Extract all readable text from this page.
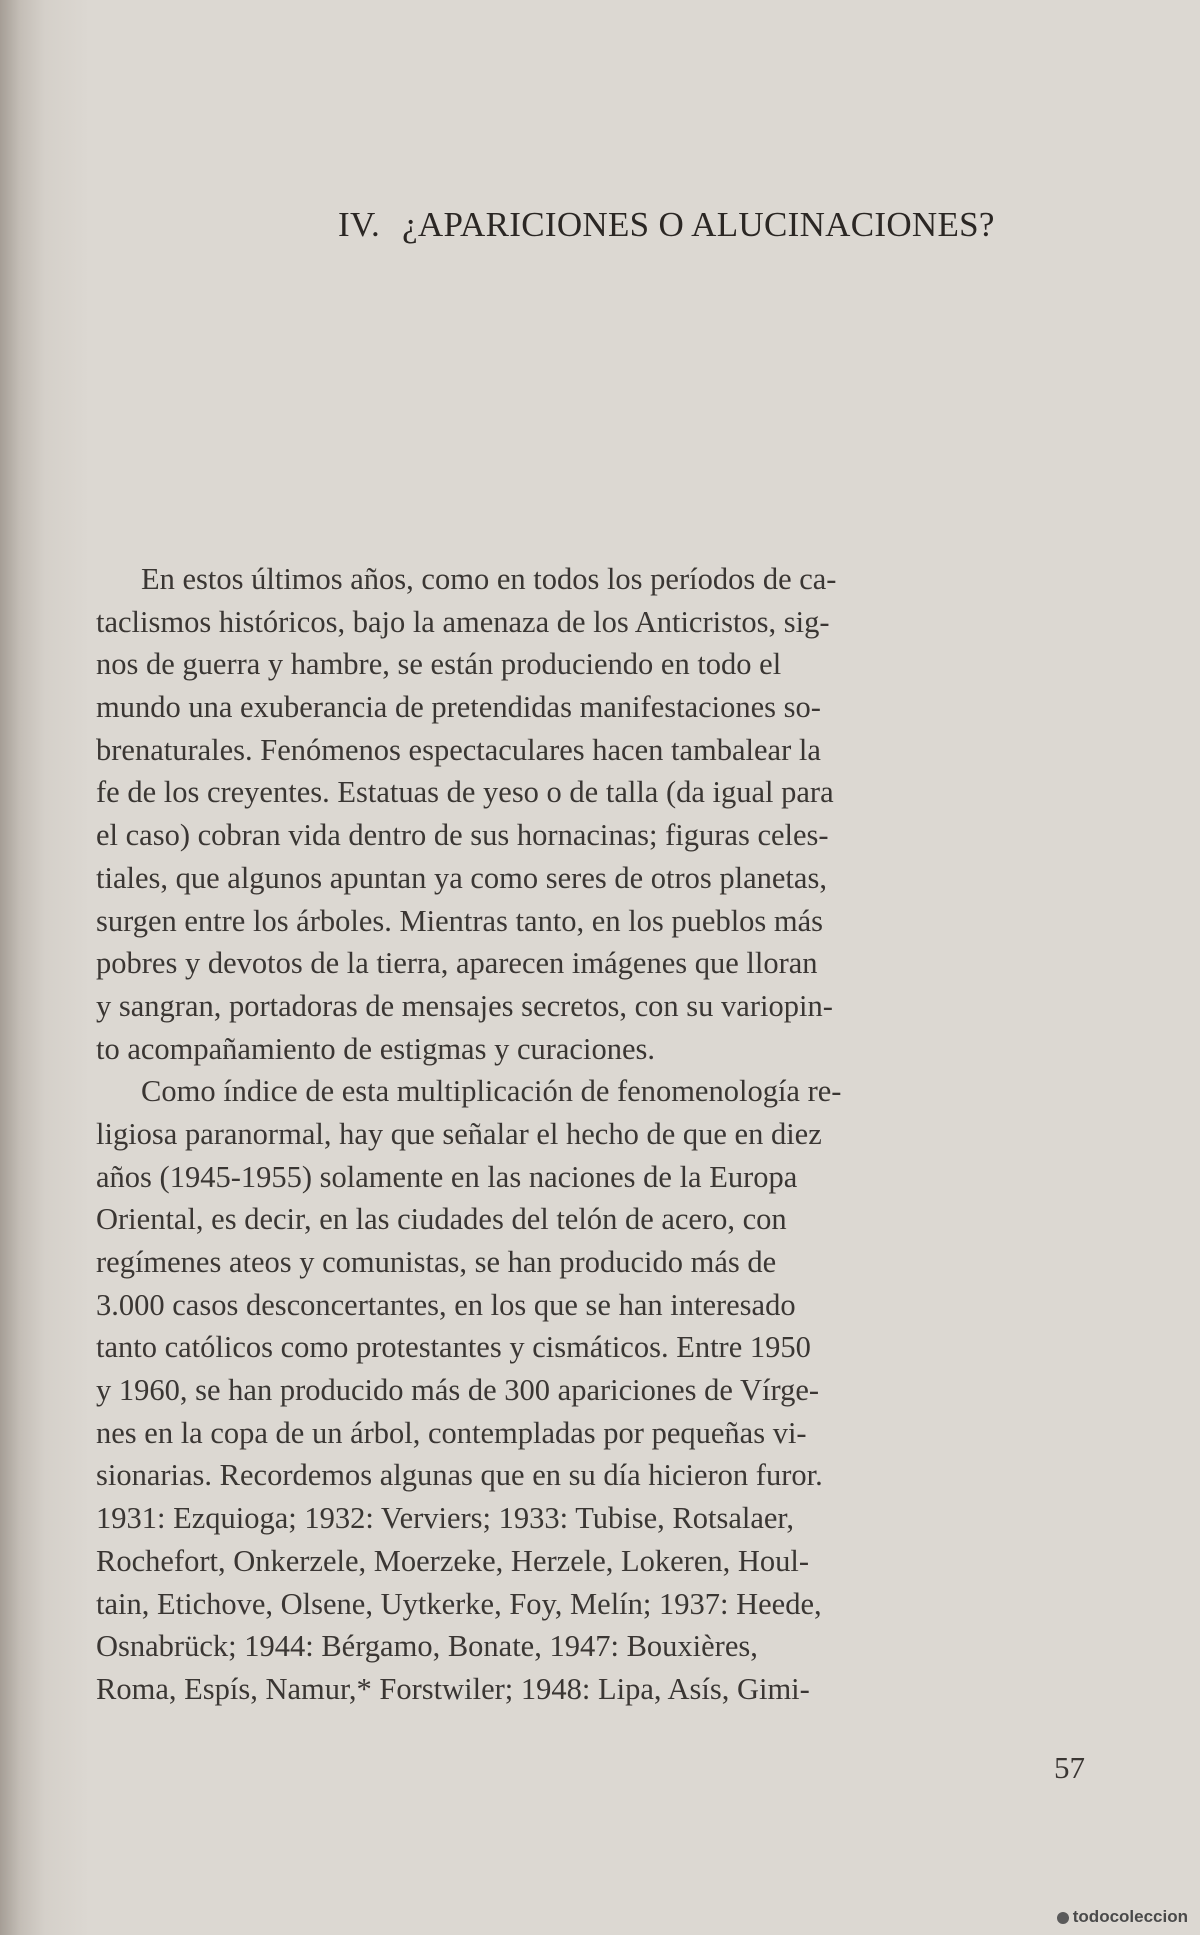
IV. ¿APARICIONES O ALUCINACIONES?
En estos últimos años, como en todos los períodos de ca-
taclismos históricos, bajo la amenaza de los Anticristos, sig-
nos de guerra y hambre, se están produciendo en todo el
mundo una exuberancia de pretendidas manifestaciones so-
brenaturales. Fenómenos espectaculares hacen tambalear la
fe de los creyentes. Estatuas de yeso o de talla (da igual para
el caso) cobran vida dentro de sus hornacinas; figuras celes-
tiales, que algunos apuntan ya como seres de otros planetas,
surgen entre los árboles. Mientras tanto, en los pueblos más
pobres y devotos de la tierra, aparecen imágenes que lloran
y sangran, portadoras de mensajes secretos, con su variopin-
to acompañamiento de estigmas y curaciones.
Como índice de esta multiplicación de fenomenología re-
ligiosa paranormal, hay que señalar el hecho de que en diez
años (1945-1955) solamente en las naciones de la Europa
Oriental, es decir, en las ciudades del telón de acero, con
regímenes ateos y comunistas, se han producido más de
3.000 casos desconcertantes, en los que se han interesado
tanto católicos como protestantes y cismáticos. Entre 1950
y 1960, se han producido más de 300 apariciones de Vírge-
nes en la copa de un árbol, contempladas por pequeñas vi-
sionarias. Recordemos algunas que en su día hicieron furor.
1931: Ezquioga; 1932: Verviers; 1933: Tubise, Rotsalaer,
Rochefort, Onkerzele, Moerzeke, Herzele, Lokeren, Houl-
tain, Etichove, Olsene, Uytkerke, Foy, Melín; 1937: Heede,
Osnabrück; 1944: Bérgamo, Bonate, 1947: Bouxières,
Roma, Espís, Namur,* Forstwiler; 1948: Lipa, Asís, Gimi-
57
todocoleccion
